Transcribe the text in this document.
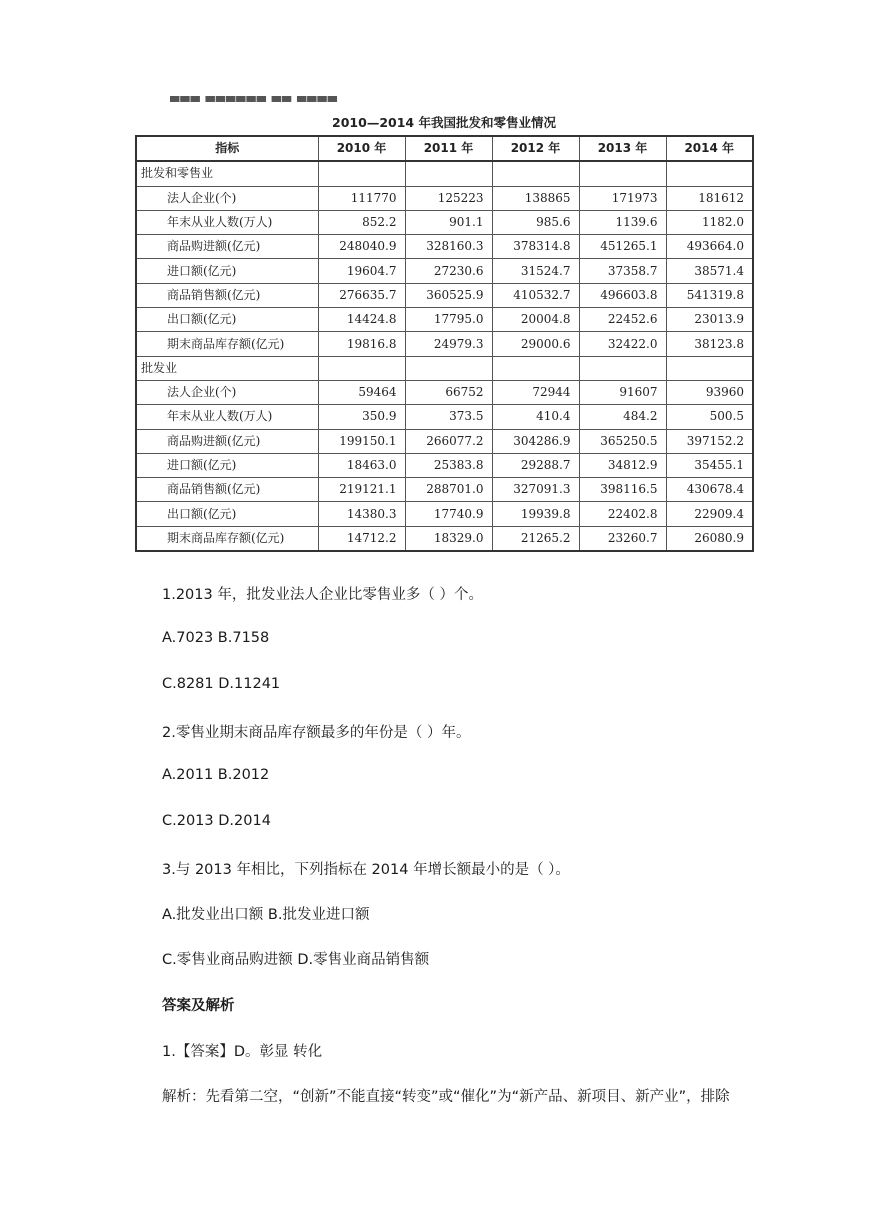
▀▀▀ ▀▀▀▀▀▀ ▀▀ ▀▀▀▀
2010—2014 年我国批发和零售业情况
指标	2010 年	2011 年	2012 年	2013 年	2014 年
批发和零售业					
法人企业(个)	111770	125223	138865	171973	181612
年末从业人数(万人)	852.2	901.1	985.6	1139.6	1182.0
商品购进额(亿元)	248040.9	328160.3	378314.8	451265.1	493664.0
进口额(亿元)	19604.7	27230.6	31524.7	37358.7	38571.4
商品销售额(亿元)	276635.7	360525.9	410532.7	496603.8	541319.8
出口额(亿元)	14424.8	17795.0	20004.8	22452.6	23013.9
期末商品库存额(亿元)	19816.8	24979.3	29000.6	32422.0	38123.8
批发业					
法人企业(个)	59464	66752	72944	91607	93960
年末从业人数(万人)	350.9	373.5	410.4	484.2	500.5
商品购进额(亿元)	199150.1	266077.2	304286.9	365250.5	397152.2
进口额(亿元)	18463.0	25383.8	29288.7	34812.9	35455.1
商品销售额(亿元)	219121.1	288701.0	327091.3	398116.5	430678.4
出口额(亿元)	14380.3	17740.9	19939.8	22402.8	22909.4
期末商品库存额(亿元)	14712.2	18329.0	21265.2	23260.7	26080.9
1.2013 年，批发业法人企业比零售业多（ ）个。
A.7023 B.7158
C.8281 D.11241
2.零售业期末商品库存额最多的年份是（ ）年。
A.2011 B.2012
C.2013 D.2014
3.与 2013 年相比，下列指标在 2014 年增长额最小的是（ ）。
A.批发业出口额 B.批发业进口额
C.零售业商品购进额 D.零售业商品销售额
答案及解析
1.【答案】D。彰显 转化
解析：先看第二空，“创新”不能直接“转变”或“催化”为“新产品、新项目、新产业”，排除
